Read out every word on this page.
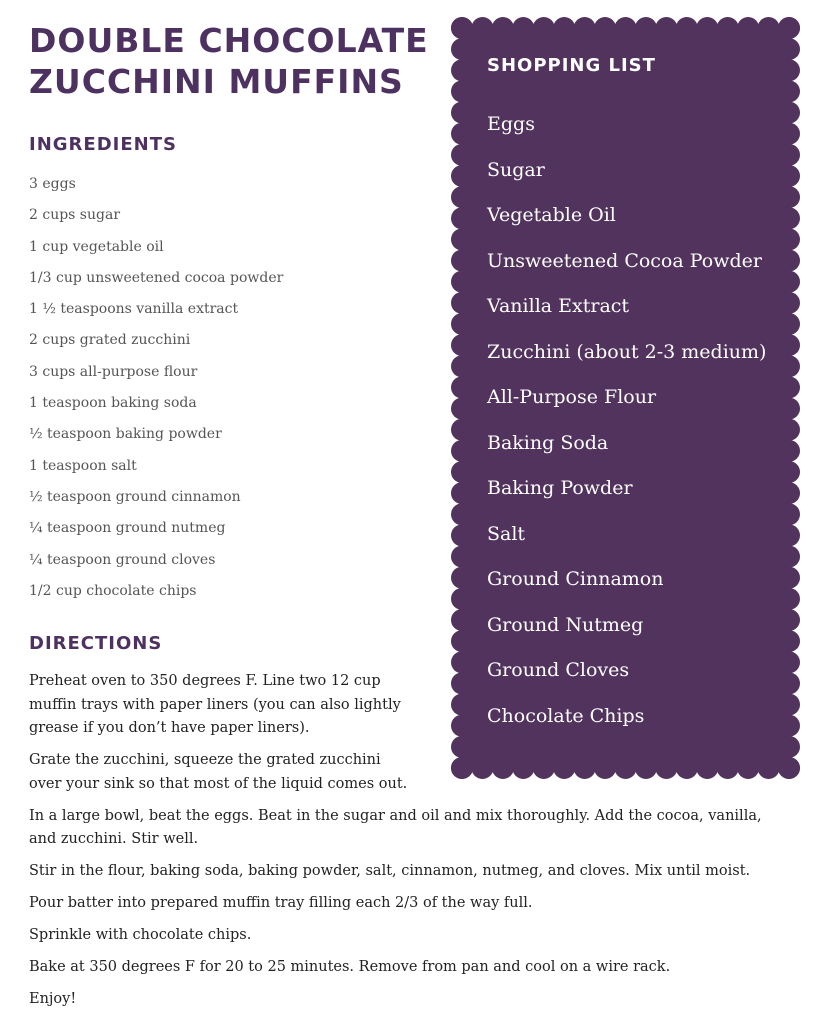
DOUBLE CHOCOLATE
ZUCCHINI MUFFINS
INGREDIENTS
3 eggs
2 cups sugar
1 cup vegetable oil
1/3 cup unsweetened cocoa powder
1 ½ teaspoons vanilla extract
2 cups grated zucchini
3 cups all-purpose flour
1 teaspoon baking soda
½ teaspoon baking powder
1 teaspoon salt
½ teaspoon ground cinnamon
¼ teaspoon ground nutmeg
¼ teaspoon ground cloves
1/2 cup chocolate chips
DIRECTIONS

Preheat oven to 350 degrees F. Line two 12 cup muffin trays with paper liners (you can also lightly grease if you don’t have paper liners).

Grate the zucchini, squeeze the grated zucchini over your sink so that most of the liquid comes out.

In a large bowl, beat the eggs. Beat in the sugar and oil and mix thoroughly. Add the cocoa, vanilla, and zucchini. Stir well.

Stir in the flour, baking soda, baking powder, salt, cinnamon, nutmeg, and cloves. Mix until moist.

Pour batter into prepared muffin tray filling each 2/3 of the way full.

Sprinkle with chocolate chips.

Bake at 350 degrees F for 20 to 25 minutes. Remove from pan and cool on a wire rack.

Enjoy!

SHOPPING LIST
Eggs
Sugar
Vegetable Oil
Unsweetened Cocoa Powder
Vanilla Extract
Zucchini (about 2-3 medium)
All-Purpose Flour
Baking Soda
Baking Powder
Salt
Ground Cinnamon
Ground Nutmeg
Ground Cloves
Chocolate Chips
